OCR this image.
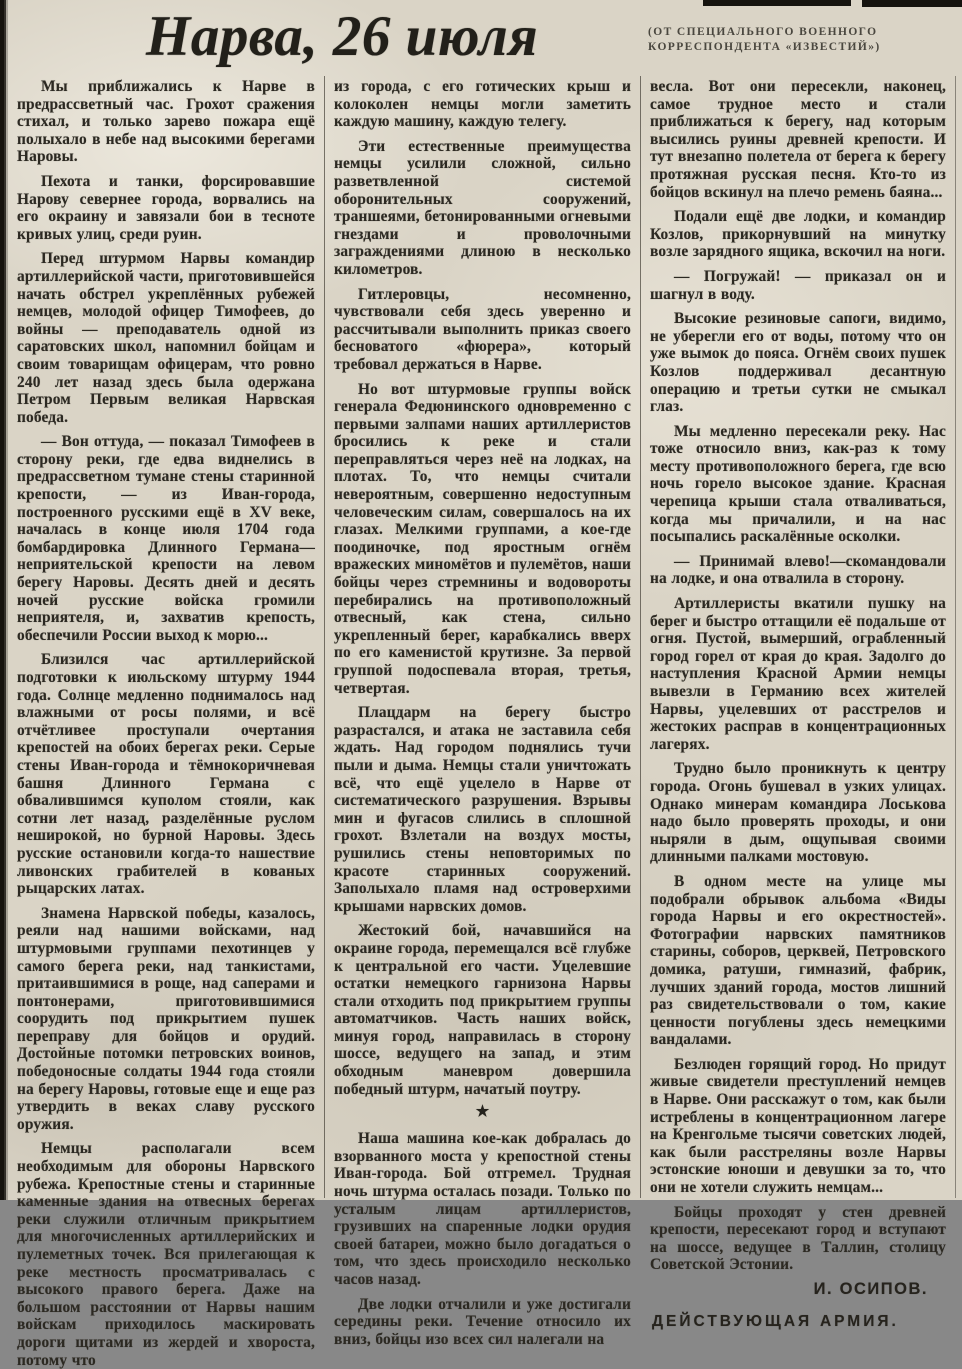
Нарва, 26 июля	(ОТ СПЕЦИАЛЬНОГО ВОЕННОГО
КОРРЕСПОНДЕНТА «ИЗВЕСТИЙ»)

Мы приближались к Нарве в предрассветный час. Грохот сражения стихал, и только зарево пожара ещё полыхало в небе над высокими берегами Наровы.

Пехота и танки, форсировавшие Нарову севернее города, ворвались на его окраину и завязали бои в тесноте кривых улиц, среди руин.

Перед штурмом Нарвы командир артиллерийской части, приготовившейся начать обстрел укреплённых рубежей немцев, молодой офицер Тимофеев, до войны — преподаватель одной из саратовских школ, напомнил бойцам и своим товарищам офицерам, что ровно 240 лет назад здесь была одержана Петром Первым великая Нарвская победа.

— Вон оттуда, — показал Тимофеев в сторону реки, где едва виднелись в предрассветном тумане стены старинной крепости, — из Иван-города, построенного русскими ещё в XV веке, началась в конце июля 1704 года бомбардировка Длинного Германа—неприятельской крепости на левом берегу Наровы. Десять дней и десять ночей русские войска громили неприятеля, и, захватив крепость, обеспечили России выход к морю...

Близился час артиллерийской подготовки к июльскому штурму 1944 года. Солнце медленно поднималось над влажными от росы полями, и всё отчётливее проступали очертания крепостей на обоих берегах реки. Серые стены Иван-города и тёмнокоричневая башня Длинного Германа с обвалившимся куполом стояли, как сотни лет назад, разделённые руслом неширокой, но бурной Наровы. Здесь русские остановили когда-то нашествие ливонских грабителей в кованых рыцарских латах.

Знамена Нарвской победы, казалось, реяли над нашими войсками, над штурмовыми группами пехотинцев у самого берега реки, над танкистами, притаившимися в роще, над саперами и понтонерами, приготовившимися соорудить под прикрытием пушек переправу для бойцов и орудий. Достойные потомки петровских воинов, победоносные солдаты 1944 года стояли на берегу Наровы, готовые еще и еще раз утвердить в веках славу русского оружия.

Немцы располагали всем необходимым для обороны Нарвского рубежа. Крепостные стены и старинные каменные здания на отвесных берегах реки служили отличным прикрытием для многочисленных артиллерийских и пулеметных точек. Вся прилегающая к реке местность просматривалась с высокого правого берега. Даже на большом расстоянии от Нарвы нашим войскам приходилось маскировать дороги щитами из жердей и хвороста, потому что

из города, с его готических крыш и колоколен немцы могли заметить каждую машину, каждую телегу.

Эти естественные преимущества немцы усилили сложной, сильно разветвленной системой оборонительных сооружений, траншеями, бетонированными огневыми гнездами и проволочными заграждениями длиною в несколько километров.

Гитлеровцы, несомненно, чувствовали себя здесь уверенно и рассчитывали выполнить приказ своего бесноватого «фюрера», который требовал держаться в Нарве.

Но вот штурмовые группы войск генерала Федюнинского одновременно с первыми залпами наших артиллеристов бросились к реке и стали переправляться через неё на лодках, на плотах. То, что немцы считали невероятным, совершенно недоступным человеческим силам, совершалось на их глазах. Мелкими группами, а кое-где поодиночке, под яростным огнём вражеских миномётов и пулемётов, наши бойцы через стремнины и водовороты перебирались на противоположный отвесный, как стена, сильно укрепленный берег, карабкались вверх по его каменистой крутизне. За первой группой подоспевала вторая, третья, четвертая.

Плацдарм на берегу быстро разрастался, и атака не заставила себя ждать. Над городом поднялись тучи пыли и дыма. Немцы стали уничтожать всё, что ещё уцелело в Нарве от систематического разрушения. Взрывы мин и фугасов слились в сплошной грохот. Взлетали на воздух мосты, рушились стены неповторимых по красоте старинных сооружений. Заполыхало пламя над островерхими крышами нарвских домов.

Жестокий бой, начавшийся на окраине города, перемещался всё глубже к центральной его части. Уцелевшие остатки немецкого гарнизона Нарвы стали отходить под прикрытием группы автоматчиков. Часть наших войск, минуя город, направилась в сторону шоссе, ведущего на запад, и этим обходным маневром довершила победный штурм, начатый поутру.

★

Наша машина кое-как добралась до взорванного моста у крепостной стены Иван-города. Бой отгремел. Трудная ночь штурма осталась позади. Только по усталым лицам артиллеристов, грузивших на спаренные лодки орудия своей батареи, можно было догадаться о том, что здесь происходило несколько часов назад.

Две лодки отчалили и уже достигали середины реки. Течение относило их вниз, бойцы изо всех сил налегали на

весла. Вот они пересекли, наконец, самое трудное место и стали приближаться к берегу, над которым высились руины древней крепости. И тут внезапно полетела от берега к берегу протяжная русская песня. Кто-то из бойцов вскинул на плечо ремень баяна...

Подали ещё две лодки, и командир Козлов, прикорнувший на минутку возле зарядного ящика, вскочил на ноги.

— Погружай! — приказал он и шагнул в воду.

Высокие резиновые сапоги, видимо, не уберегли его от воды, потому что он уже вымок до пояса. Огнём своих пушек Козлов поддерживал десантную операцию и третьи сутки не смыкал глаз.

Мы медленно пересекали реку. Нас тоже относило вниз, как-раз к тому месту противоположного берега, где всю ночь горело высокое здание. Красная черепица крыши стала отваливаться, когда мы причалили, и на нас посыпались раскалённые осколки.

— Принимай влево!—скомандовали на лодке, и она отвалила в сторону.

Артиллеристы вкатили пушку на берег и быстро оттащили её подальше от огня. Пустой, вымерший, ограбленный город горел от края до края. Задолго до наступления Красной Армии немцы вывезли в Германию всех жителей Нарвы, уцелевших от расстрелов и жестоких расправ в концентрационных лагерях.

Трудно было проникнуть к центру города. Огонь бушевал в узких улицах. Однако минерам командира Лоськова надо было проверять проходы, и они ныряли в дым, ощупывая своими длинными палками мостовую.

В одном месте на улице мы подобрали обрывок альбома «Виды города Нарвы и его окрестностей». Фотографии нарвских памятников старины, соборов, церквей, Петровского домика, ратуши, гимназий, фабрик, лучших зданий города, мостов лишний раз свидетельствовали о том, какие ценности погублены здесь немецкими вандалами.

Безлюден горящий город. Но придут живые свидетели преступлений немцев в Нарве. Они расскажут о том, как были истреблены в концентрационном лагере на Кренгольме тысячи советских людей, как были расстреляны возле Нарвы эстонские юноши и девушки за то, что они не хотели служить немцам...

Бойцы проходят у стен древней крепости, пересекают город и вступают на шоссе, ведущее в Таллин, столицу Советской Эстонии.

И. ОСИПОВ.

ДЕЙСТВУЮЩАЯ АРМИЯ.
